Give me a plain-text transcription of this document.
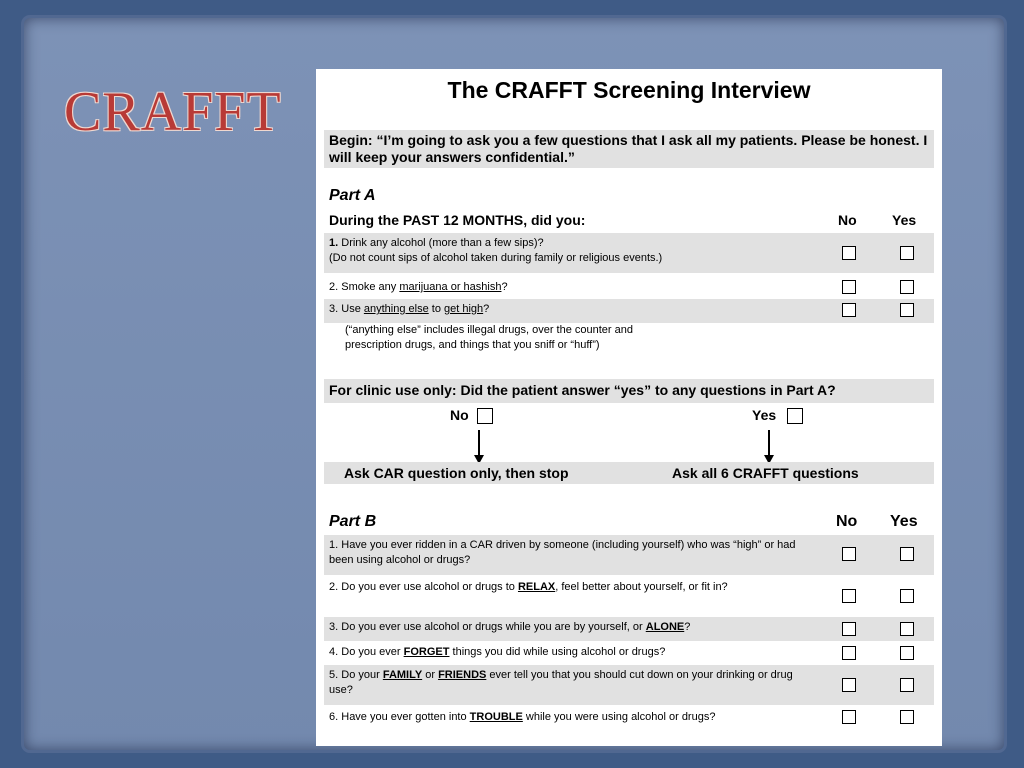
CRAFFT	The CRAFFT Screening Interview
Begin: “I’m going to ask you a few questions that I ask all my patients. Please be honest. I will keep your answers confidential.”
Part A
During the PAST 12 MONTHS, did you:	No	Yes
1. Drink any alcohol (more than a few sips)?
(Do not count sips of alcohol taken during family or religious events.)
2. Smoke any marijuana or hashish?
3. Use anything else to get high?
(“anything else” includes illegal drugs, over the counter and
prescription drugs, and things that you sniff or “huff”)
For clinic use only: Did the patient answer “yes” to any questions in Part A?
No	Yes
Ask CAR question only, then stop	Ask all 6 CRAFFT questions
Part B	No Yes
1. Have you ever ridden in a CAR driven by someone (including yourself) who was “high” or had been using alcohol or drugs?
2. Do you ever use alcohol or drugs to RELAX, feel better about yourself, or fit in?
3. Do you ever use alcohol or drugs while you are by yourself, or ALONE?
4. Do you ever FORGET things you did while using alcohol or drugs?
5. Do your FAMILY or FRIENDS ever tell you that you should cut down on your drinking or drug use?
6. Have you ever gotten into TROUBLE while you were using alcohol or drugs?
